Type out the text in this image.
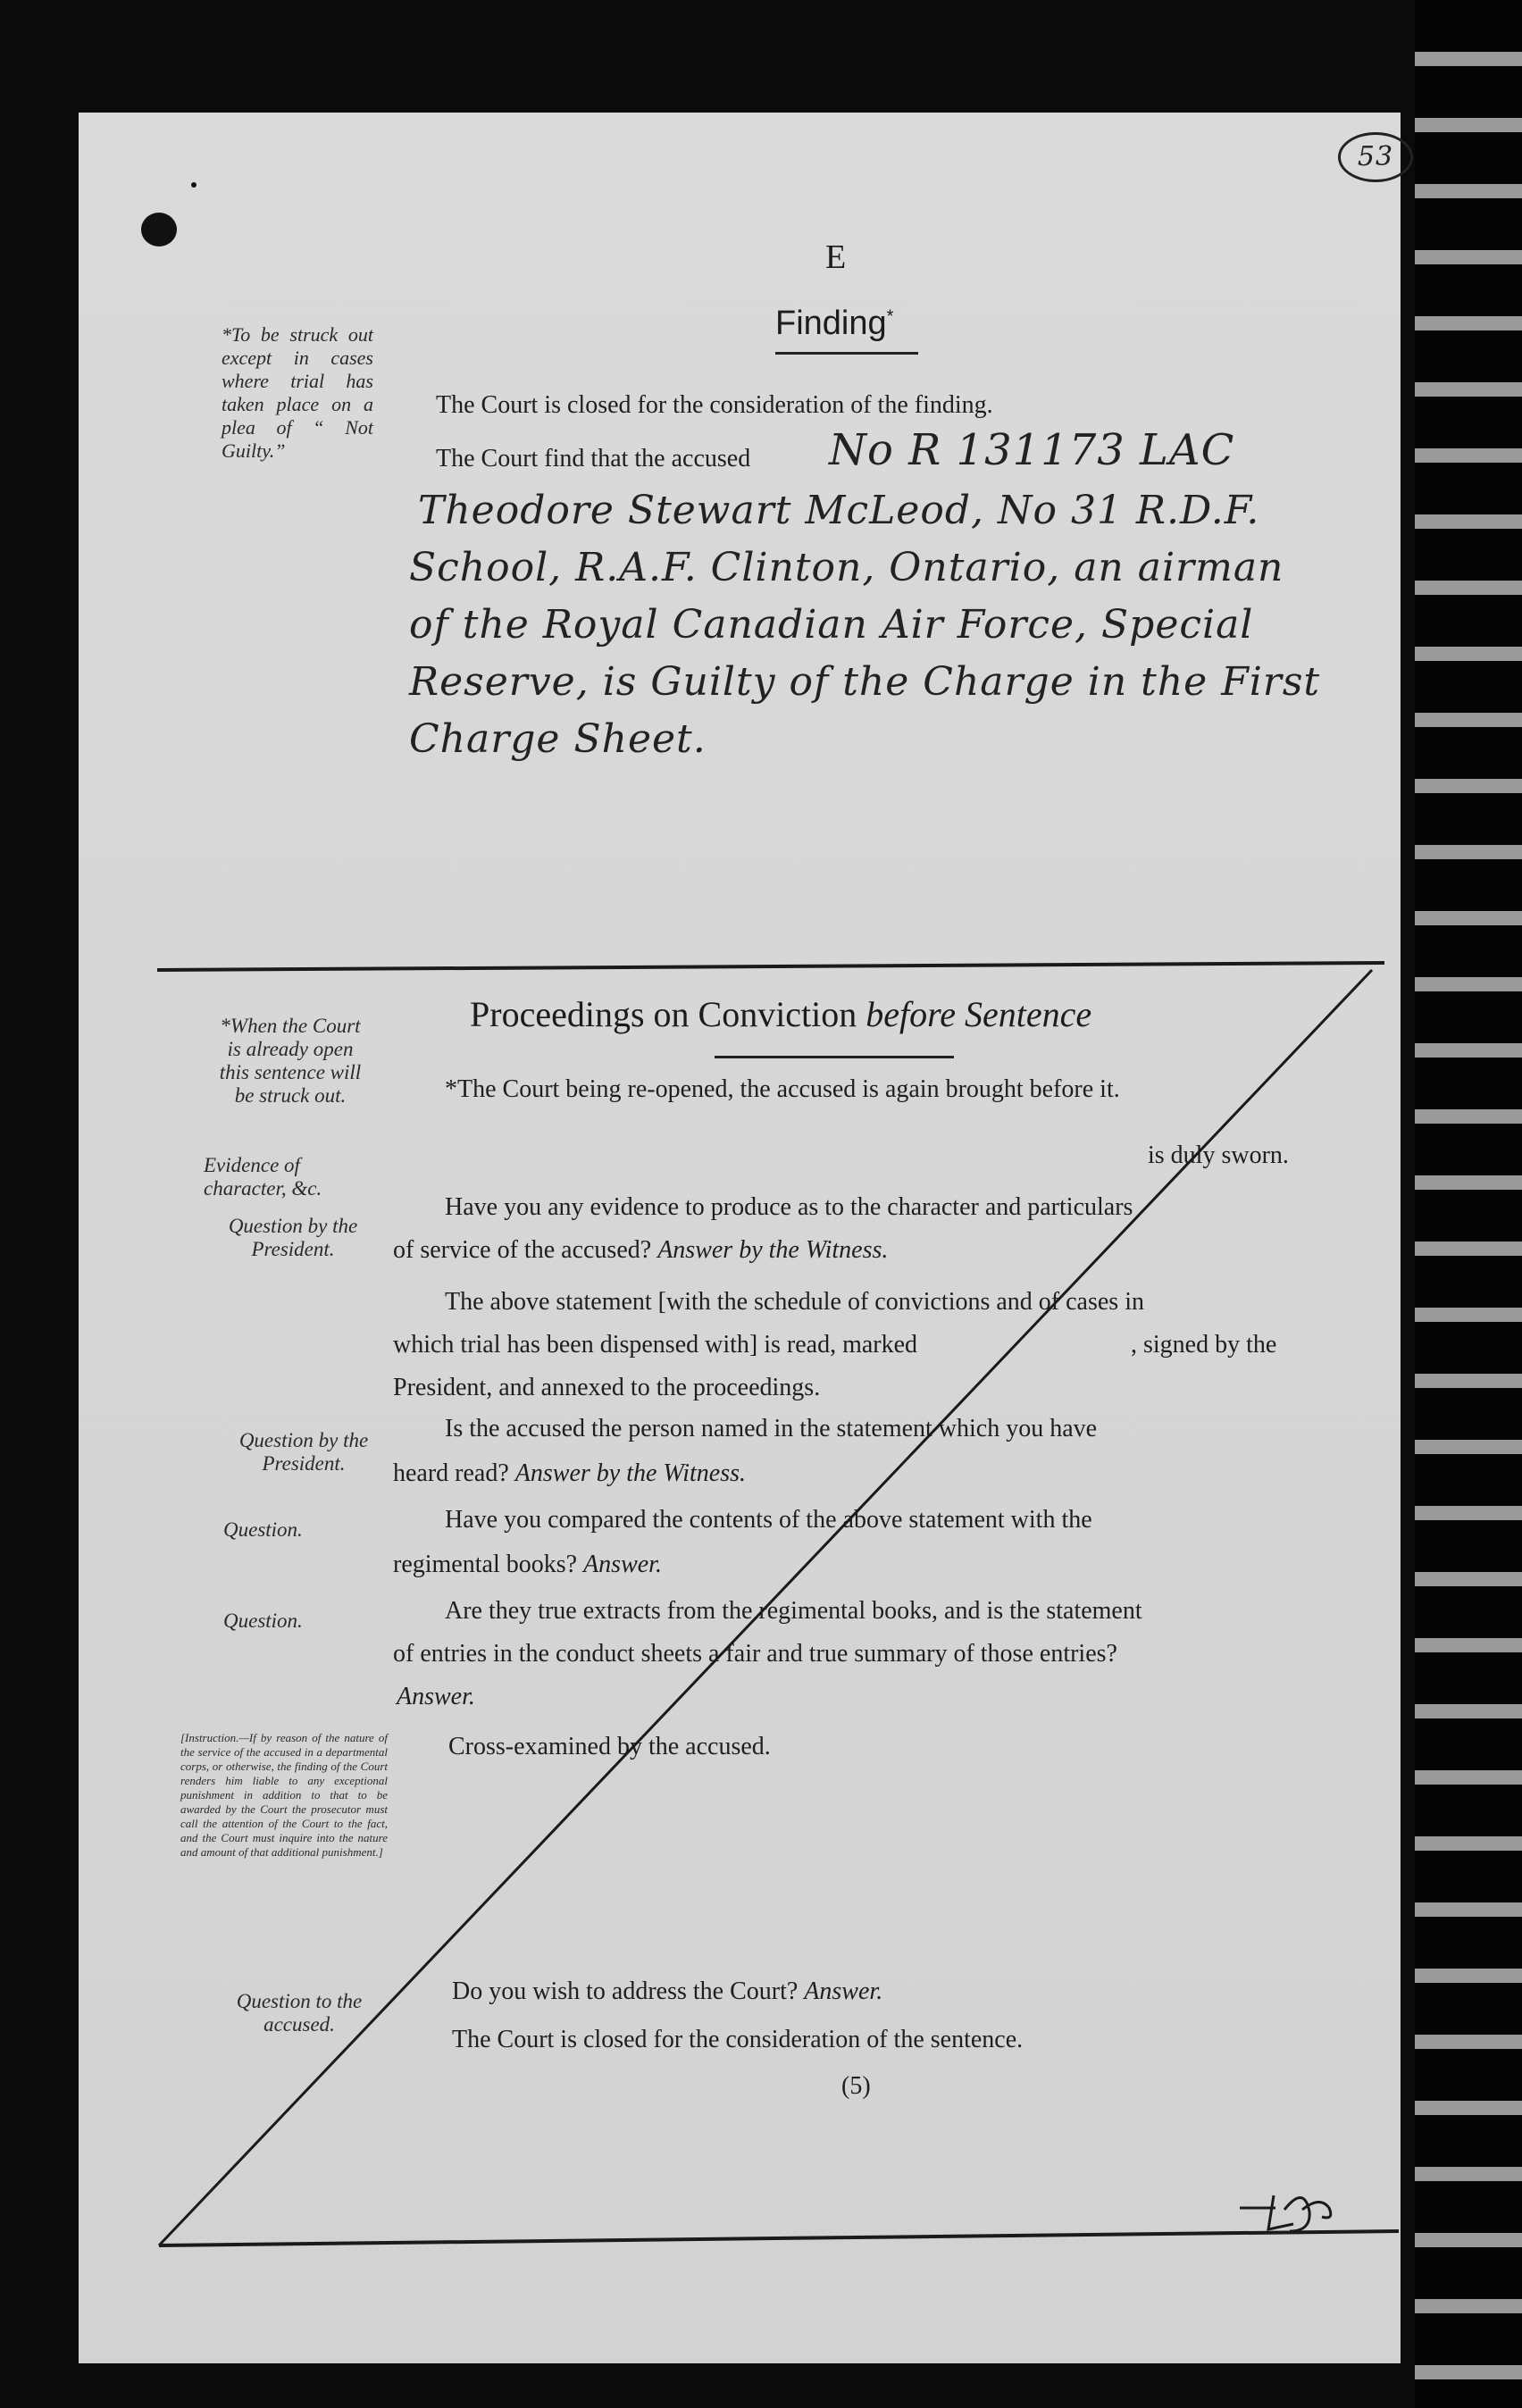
53
E
Finding*
*To be struck out except in cases where trial has taken place on a plea of “ Not Guilty.”
The Court is closed for the consideration of the finding.
The Court find that the accused No R 131173 LAC
Theodore Stewart McLeod, No 31 R.D.F.
School, R.A.F. Clinton, Ontario, an airman
of the Royal Canadian Air Force, Special
Reserve, is Guilty of the Charge in the First
Charge Sheet.
Proceedings on Conviction before Sentence
*When the Court is already open this sentence will be struck out.
Evidence of character, &c.
Question by the President.
*The Court being re-opened, the accused is again brought before it.
is duly sworn.
Have you any evidence to produce as to the character and particulars
of service of the accused? Answer by the Witness.
The above statement [with the schedule of convictions and of cases in
which trial has been dispensed with] is read, marked	, signed by the
President, and annexed to the proceedings.
Question by the President.
Is the accused the person named in the statement which you have
heard read? Answer by the Witness.
Question.	Have you compared the contents of the above statement with the
regimental books? Answer.
Question.	Are they true extracts from the regimental books, and is the statement
of entries in the conduct sheets a fair and true summary of those entries?
Answer.
[Instruction.—If by reason of the nature of the service of the accused in a departmental corps, or otherwise, the finding of the Court renders him liable to any exceptional punishment in addition to that to be awarded by the Court the prosecutor must call the attention of the Court to the fact, and the Court must inquire into the nature and amount of that additional punishment.]
Cross-examined by the accused.
Question to the accused.
Do you wish to address the Court? Answer.
The Court is closed for the consideration of the sentence.
(5)
